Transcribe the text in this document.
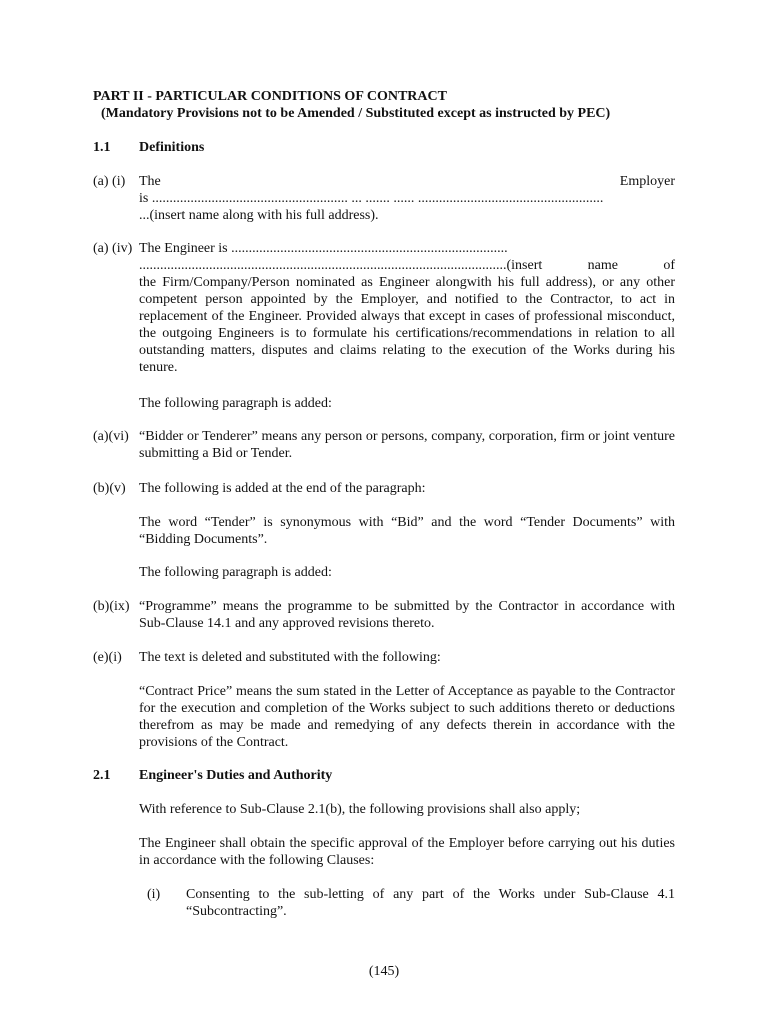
PART II - PARTICULAR CONDITIONS OF CONTRACT
(Mandatory Provisions not to be Amended / Substituted except as instructed by PEC)
1.1 Definitions
(a) (i) The	Employer
is ........................................................ ... ....... ...... .....................................................
...(insert name along with his full address).
(a) (iv) The Engineer is ...............................................................................
.........................................................................................................(insert	name	of
the Firm/Company/Person nominated as Engineer alongwith his full address), or any other competent person appointed by the Employer, and notified to the Contractor, to act in replacement of the Engineer. Provided always that except in cases of professional misconduct, the outgoing Engineers is to formulate his certifications/recommendations in relation to all outstanding matters, disputes and claims relating to the execution of the Works during his tenure.
The following paragraph is added:
(a)(vi) “Bidder or Tenderer” means any person or persons, company, corporation, firm or joint venture submitting a Bid or Tender.
(b)(v) The following is added at the end of the paragraph:
The word “Tender” is synonymous with “Bid” and the word “Tender Documents” with “Bidding Documents”.
The following paragraph is added:
(b)(ix) “Programme” means the programme to be submitted by the Contractor in accordance with Sub-Clause 14.1 and any approved revisions thereto.
(e)(i) The text is deleted and substituted with the following:
“Contract Price” means the sum stated in the Letter of Acceptance as payable to the Contractor for the execution and completion of the Works subject to such additions thereto or deductions therefrom as may be made and remedying of any defects therein in accordance with the provisions of the Contract.
2.1 Engineer's Duties and Authority
With reference to Sub-Clause 2.1(b), the following provisions shall also apply;
The Engineer shall obtain the specific approval of the Employer before carrying out his duties in accordance with the following Clauses:
(i) Consenting to the sub-letting of any part of the Works under Sub-Clause 4.1 “Subcontracting”.
(145)
